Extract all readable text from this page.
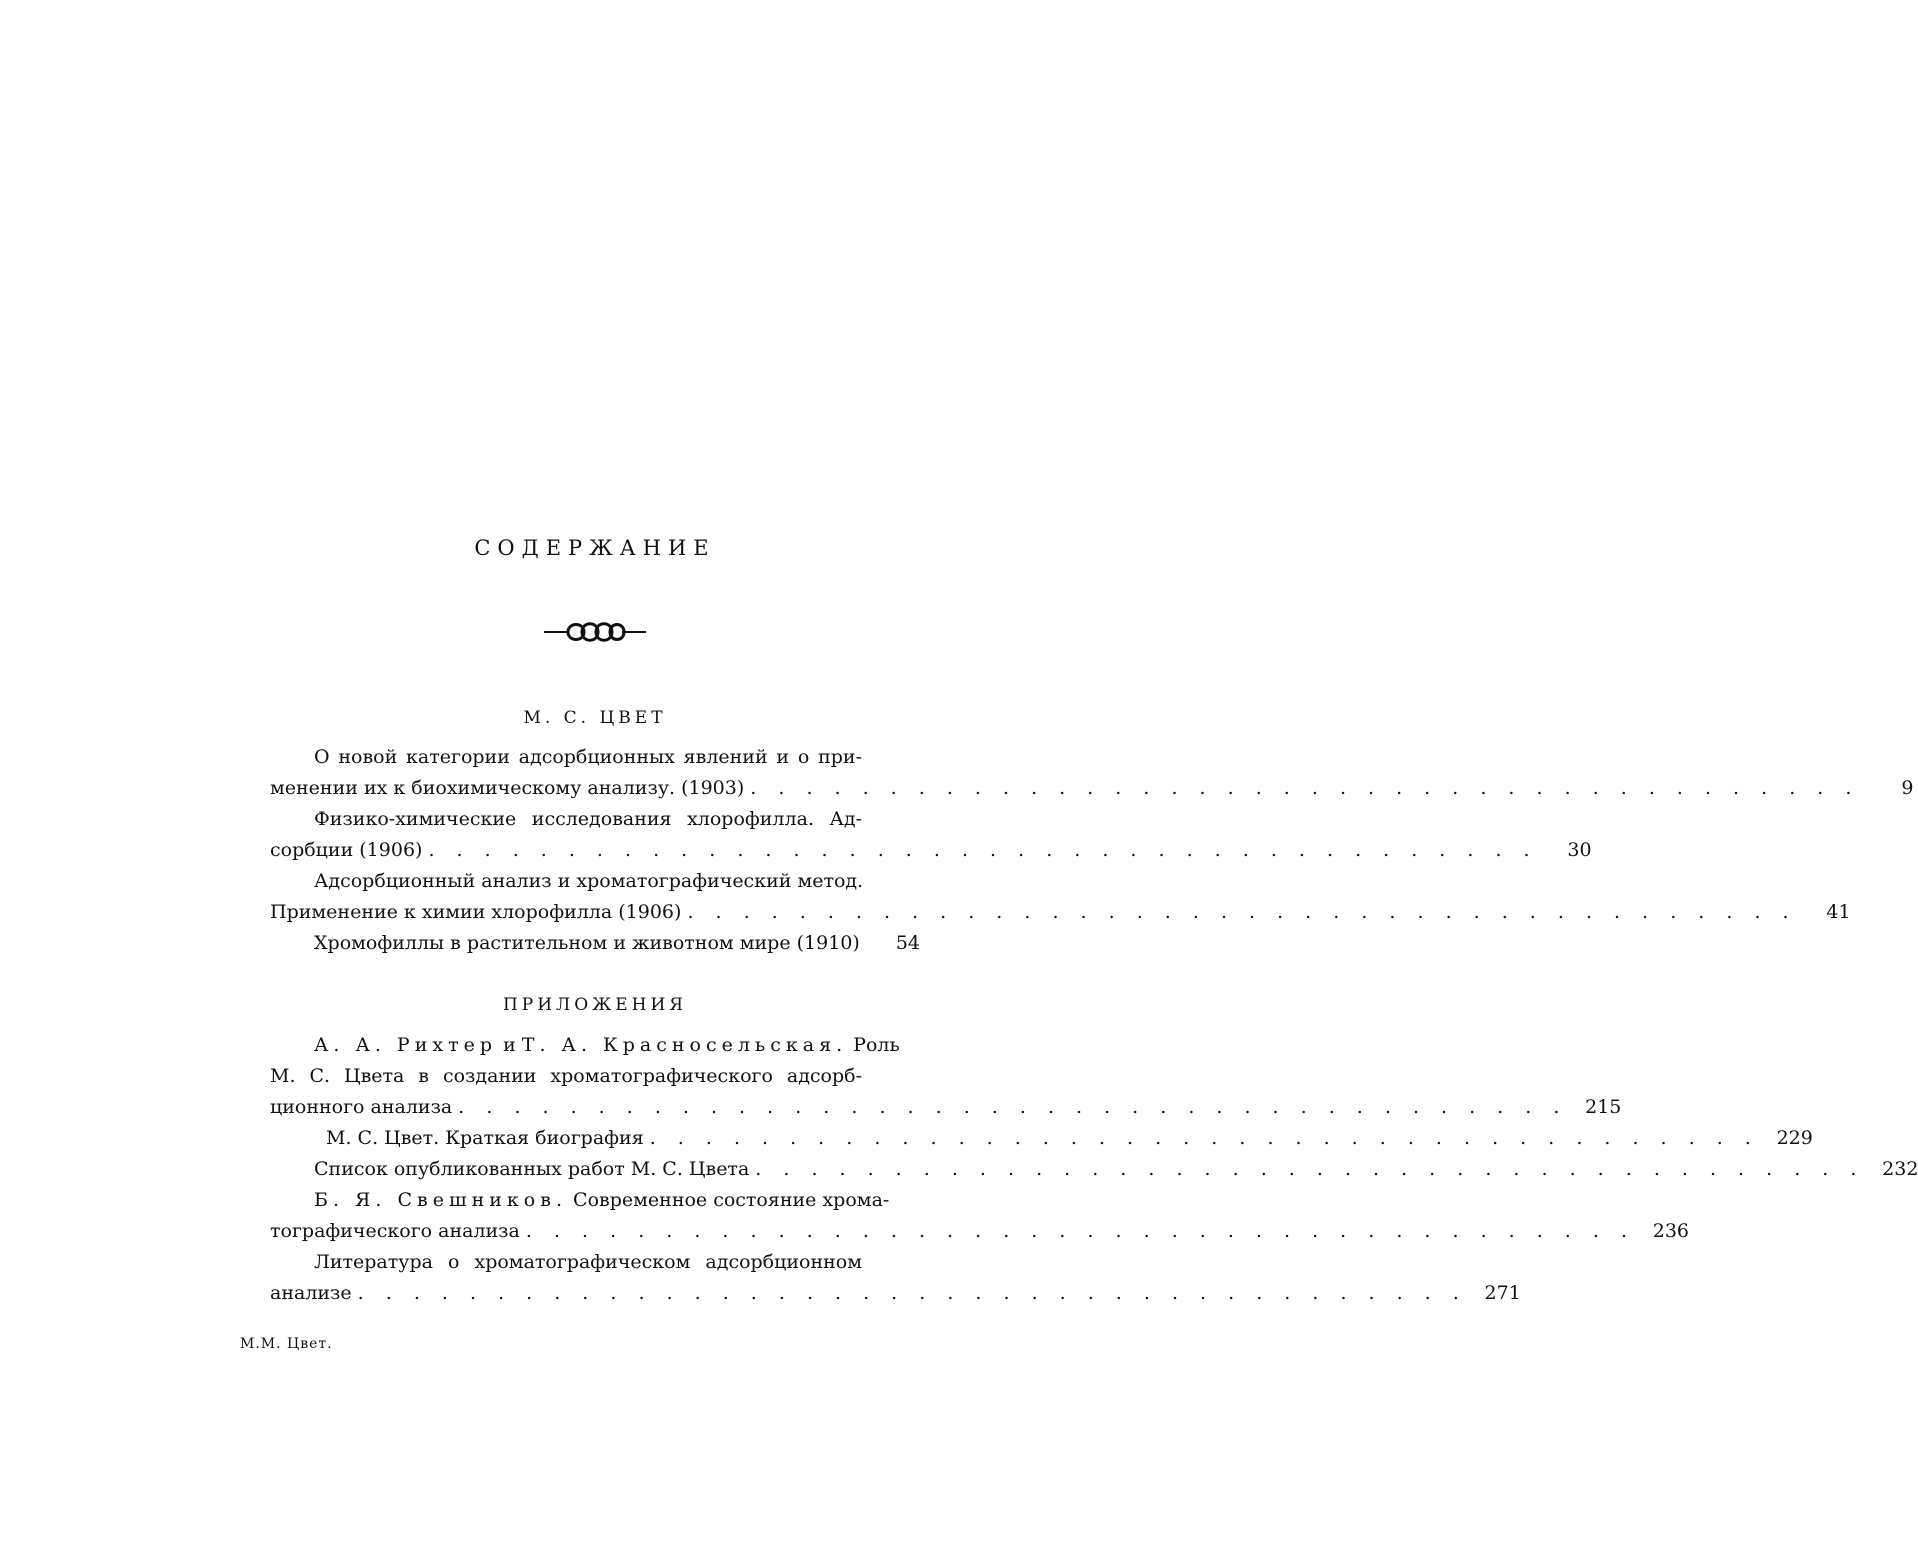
СОДЕРЖАНИЕ
М. С. ЦВЕТ
О новой категории адсорбционных явлений и о при-
менении их к биохимическому анализу. (1903) . . . . . . . . . . . . . . . . . . . . . . . . . . . . . . . . . . . . . . . .	9
Физико-химические исследования хлорофилла. Ад-
сорбции (1906) . . . . . . . . . . . . . . . . . . . . . . . . . . . . . . . . . . . . . . . .	30
Адсорбционный анализ и хроматографический метод.
Применение к химии хлорофилла (1906) . . . . . . . . . . . . . . . . . . . . . . . . . . . . . . . . . . . . . . . .	41
Хромофиллы в растительном и животном мире (1910)	54
ПРИЛОЖЕНИЯ
А. А. Рихтер и Т. А. Красносельская. Роль
М. С. Цвета в создании хроматографического адсорб-
ционного анализа . . . . . . . . . . . . . . . . . . . . . . . . . . . . . . . . . . . . . . . . 215
М. С. Цвет. Краткая биография . . . . . . . . . . . . . . . . . . . . . . . . . . . . . . . . . . . . . . . . 229
Список опубликованных работ М. С. Цвета . . . . . . . . . . . . . . . . . . . . . . . . . . . . . . . . . . . . . . . . 232
Б. Я. Свешников. Современное состояние хрома-
тографического анализа . . . . . . . . . . . . . . . . . . . . . . . . . . . . . . . . . . . . . . . . 236
Литература о хроматографическом адсорбционном
анализе . . . . . . . . . . . . . . . . . . . . . . . . . . . . . . . . . . . . . . . . 271

М.М. Цвет.
